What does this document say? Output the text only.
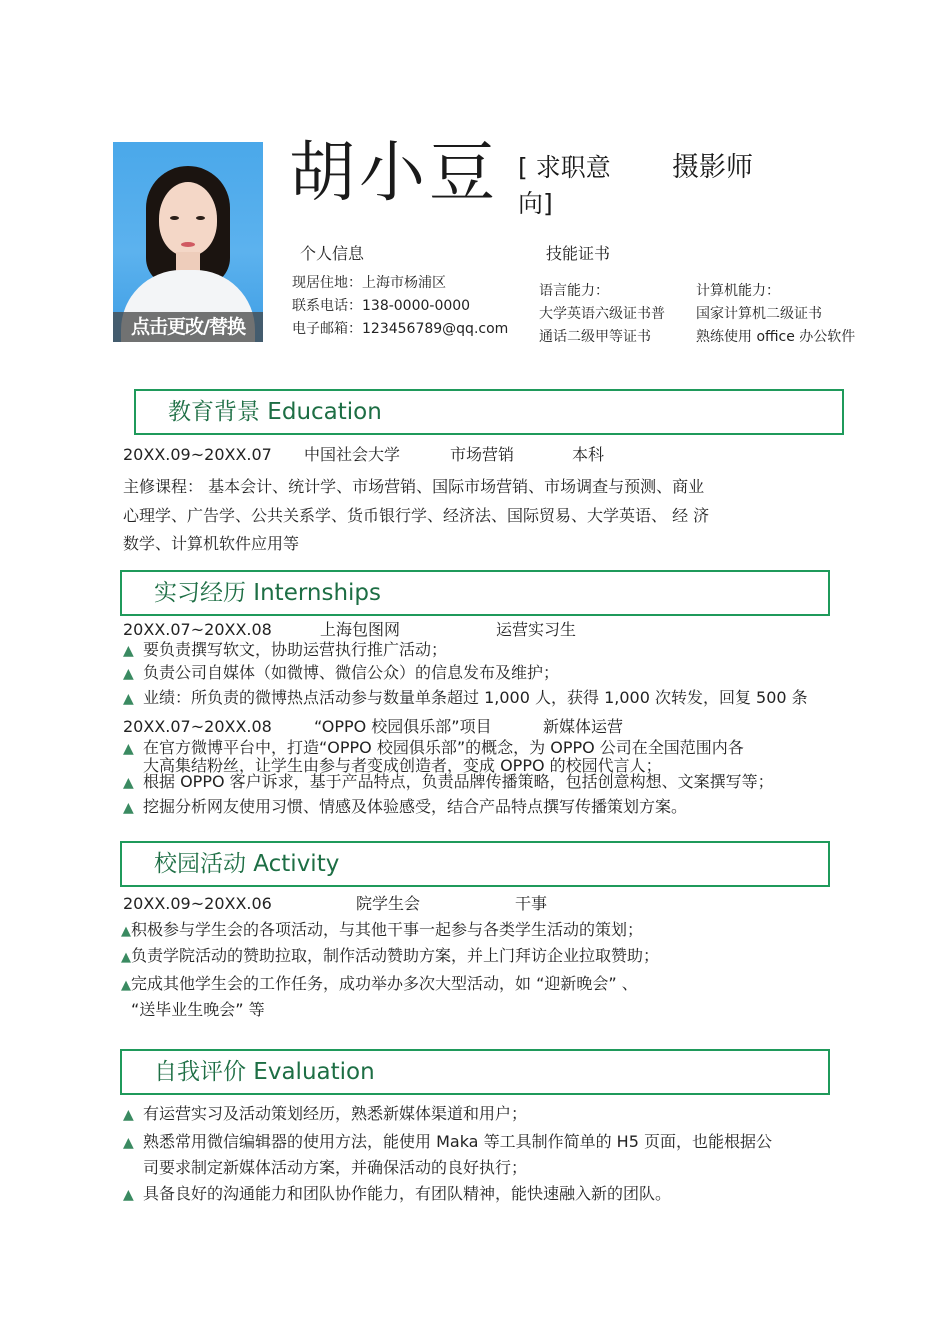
点击更改/替换
胡小豆 [ 求职意向]
摄影师
个人信息	技能证书
现居住地：上海市杨浦区
联系电话：138-0000-0000
电子邮箱：123456789@qq.com
语言能力：
大学英语六级证书普
通话二级甲等证书
计算机能力：
国家计算机二级证书
熟练使用 office 办公软件
教育背景 Education
20XX.09~20XX.07 中国社会大学	市场营销	本科
主修课程： 基本会计、统计学、市场营销、国际市场营销、市场调查与预测、商业
心理学、广告学、公共关系学、货币银行学、经济法、国际贸易、大学英语、 经 济
数学、计算机软件应用等
实习经历 Internships
20XX.07~20XX.08	上海包图网	运营实习生
▲ 要负责撰写软文，协助运营执行推广活动；
▲ 负责公司自媒体（如微博、微信公众）的信息发布及维护；
▲ 业绩：所负责的微博热点活动参与数量单条超过 1,000 人，获得 1,000 次转发，回复 500 条
20XX.07~20XX.08	“OPPO 校园俱乐部”项目	新媒体运营
▲ 在官方微博平台中，打造“OPPO 校园俱乐部”的概念，为 OPPO 公司在全国范围内各
大高集结粉丝，让学生由参与者变成创造者，变成 OPPO 的校园代言人；
▲ 根据 OPPO 客户诉求，基于产品特点，负责品牌传播策略，包括创意构想、文案撰写等；
▲ 挖掘分析网友使用习惯、情感及体验感受，结合产品特点撰写传播策划方案。
校园活动 Activity
20XX.09~20XX.06	院学生会	干事
▲积极参与学生会的各项活动，与其他干事一起参与各类学生活动的策划；
▲负责学院活动的赞助拉取，制作活动赞助方案，并上门拜访企业拉取赞助；
▲完成其他学生会的工作任务，成功举办多次大型活动，如 “迎新晚会” 、
“送毕业生晚会” 等
自我评价 Evaluation
▲ 有运营实习及活动策划经历，熟悉新媒体渠道和用户；
▲ 熟悉常用微信编辑器的使用方法，能使用 Maka 等工具制作简单的 H5 页面，也能根据公
司要求制定新媒体活动方案，并确保活动的良好执行；
▲ 具备良好的沟通能力和团队协作能力，有团队精神，能快速融入新的团队。
